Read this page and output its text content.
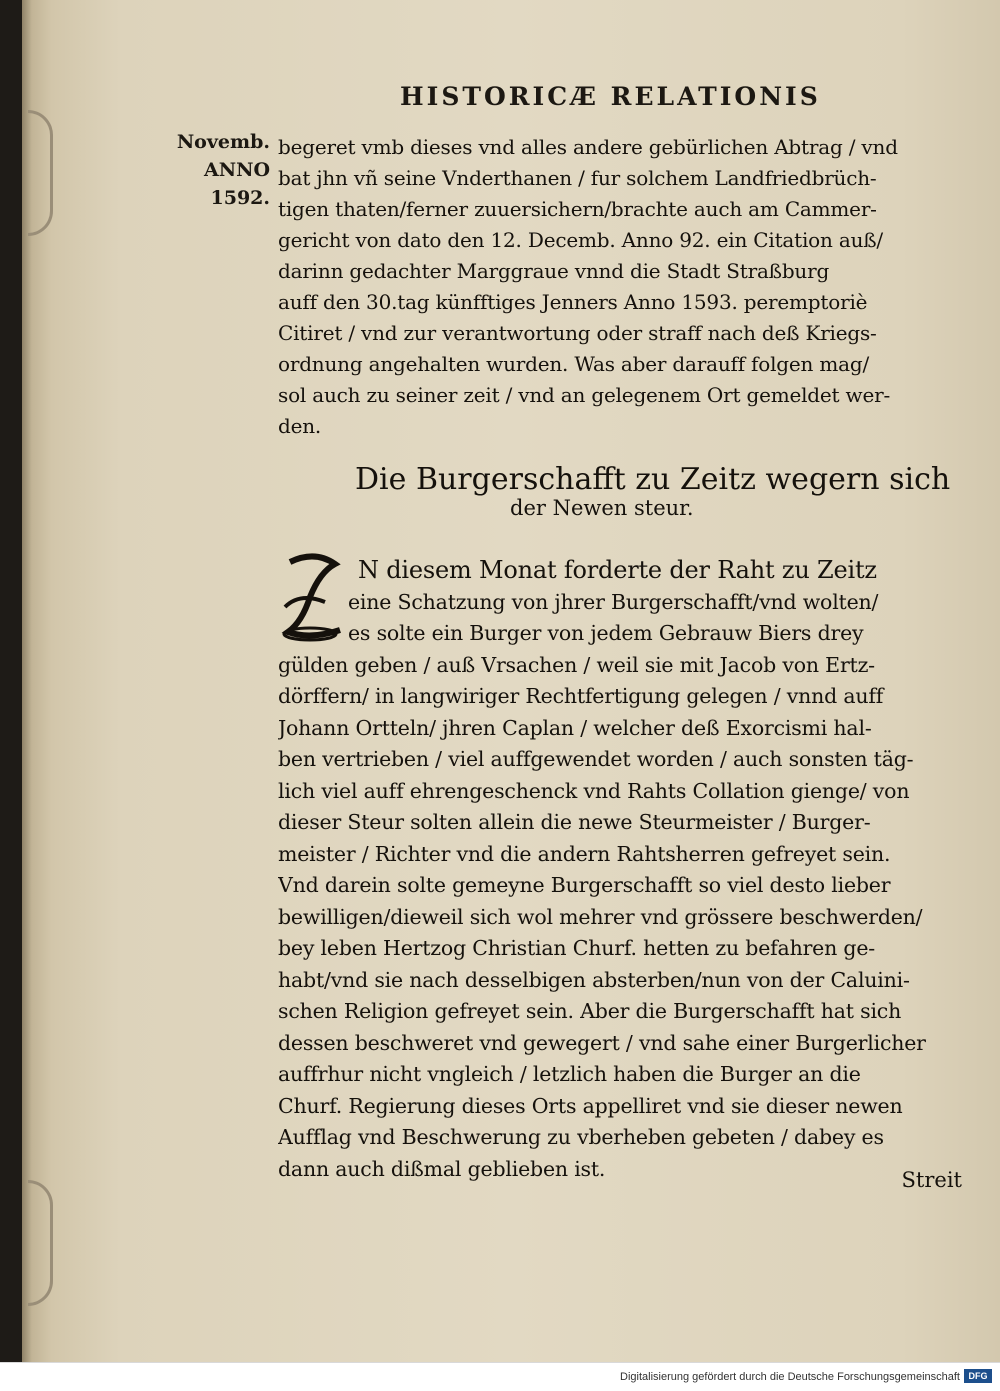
HISTORICÆ RELATIONIS
Novemb.
ANNO
1592.
begeret vmb dieses vnd alles andere gebürlichen Abtrag / vnd
bat jhn vñ seine Vnderthanen / fur solchem Landfriedbrüch-
tigen thaten/ferner zuuersichern/brachte auch am Cammer-
gericht von dato den 12. Decemb. Anno 92. ein Citation auß/
darinn gedachter Marggraue vnnd die Stadt Straßburg
auff den 30.tag künfftiges Jenners Anno 1593. peremptoriè
Citiret / vnd zur verantwortung oder straff nach deß Kriegs-
ordnung angehalten wurden. Was aber darauff folgen mag/
sol auch zu seiner zeit / vnd an gelegenem Ort gemeldet wer-
den.
Die Burgerschafft zu Zeitz wegern sich
der Newen steur.
N diesem Monat forderte der Raht zu Zeitz
eine Schatzung von jhrer Burgerschafft/vnd wolten/
es solte ein Burger von jedem Gebrauw Biers drey
gülden geben / auß Vrsachen / weil sie mit Jacob von Ertz-
dörffern/ in langwiriger Rechtfertigung gelegen / vnnd auff
Johann Ortteln/ jhren Caplan / welcher deß Exorcismi hal-
ben vertrieben / viel auffgewendet worden / auch sonsten täg-
lich viel auff ehrengeschenck vnd Rahts Collation gienge/ von
dieser Steur solten allein die newe Steurmeister / Burger-
meister / Richter vnd die andern Rahtsherren gefreyet sein.
Vnd darein solte gemeyne Burgerschafft so viel desto lieber
bewilligen/dieweil sich wol mehrer vnd grössere beschwerden/
bey leben Hertzog Christian Churf. hetten zu befahren ge-
habt/vnd sie nach desselbigen absterben/nun von der Caluini-
schen Religion gefreyet sein. Aber die Burgerschafft hat sich
dessen beschweret vnd gewegert / vnd sahe einer Burgerlicher
auffrhur nicht vngleich / letzlich haben die Burger an die
Churf. Regierung dieses Orts appelliret vnd sie dieser newen
Aufflag vnd Beschwerung zu vberheben gebeten / dabey es
dann auch dißmal geblieben ist.	Streit
Digitalisierung gefördert durch die Deutsche Forschungsgemeinschaft DFG
